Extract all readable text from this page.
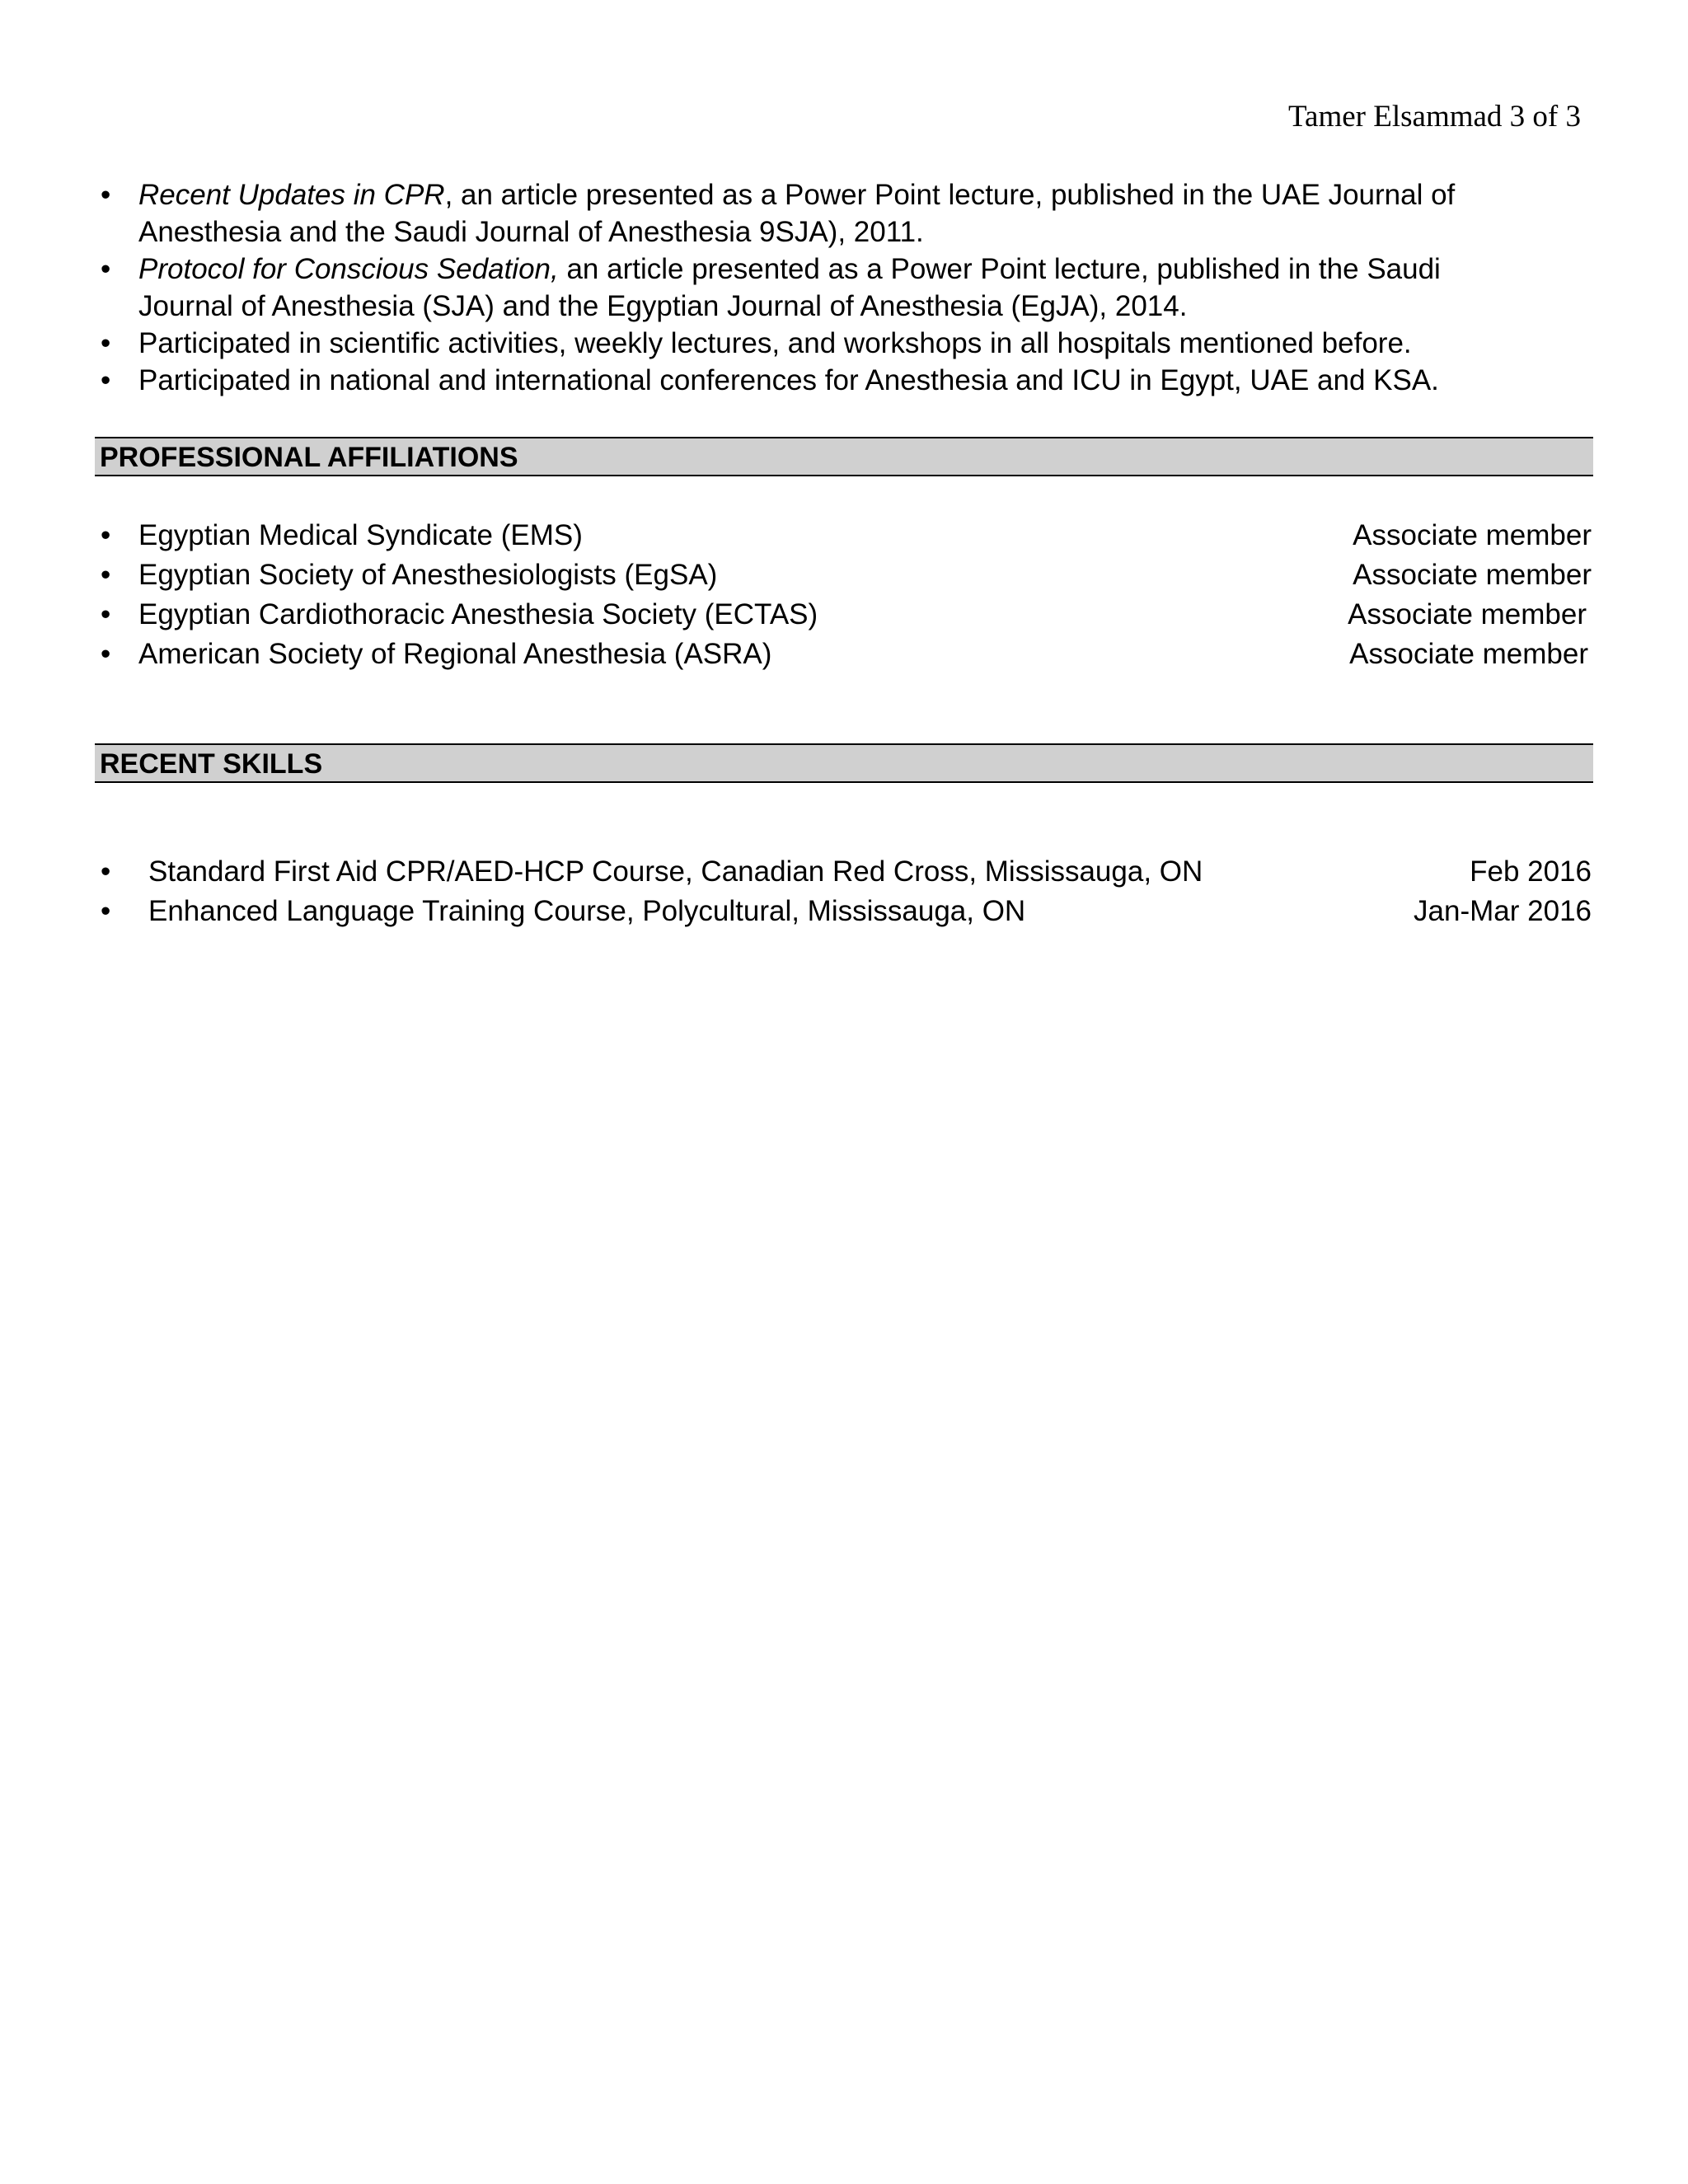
Tamer Elsammad 3 of 3
• Recent Updates in CPR, an article presented as a Power Point lecture, published in the UAE Journal of Anesthesia and the Saudi Journal of Anesthesia 9SJA), 2011.
• Protocol for Conscious Sedation, an article presented as a Power Point lecture, published in the Saudi Journal of Anesthesia (SJA) and the Egyptian Journal of Anesthesia (EgJA), 2014.
• Participated in scientific activities, weekly lectures, and workshops in all hospitals mentioned before.
• Participated in national and international conferences for Anesthesia and ICU in Egypt, UAE and KSA.
PROFESSIONAL AFFILIATIONS
• Egyptian Medical Syndicate (EMS)	Associate member
• Egyptian Society of Anesthesiologists (EgSA)	Associate member
• Egyptian Cardiothoracic Anesthesia Society (ECTAS)	Associate member
• American Society of Regional Anesthesia (ASRA)	Associate member
RECENT SKILLS
• Standard First Aid CPR/AED-HCP Course, Canadian Red Cross, Mississauga, ON	Feb 2016
• Enhanced Language Training Course, Polycultural, Mississauga, ON	Jan-Mar 2016
